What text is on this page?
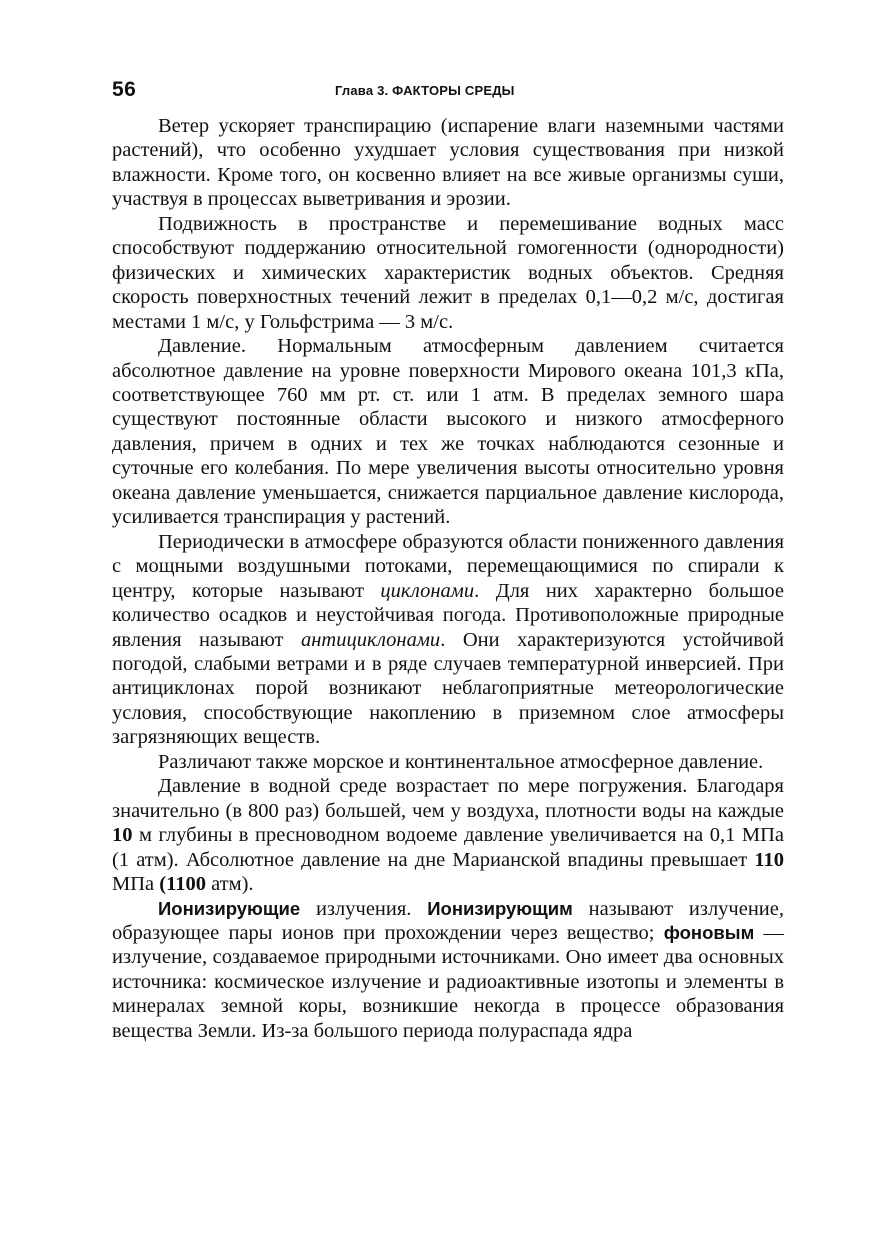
56	Глава 3. ФАКТОРЫ СРЕДЫ

Ветер ускоряет транспирацию (испарение влаги наземными частями растений), что особенно ухудшает условия существования при низкой влажности. Кроме того, он косвенно влияет на все живые организмы суши, участвуя в процессах выветривания и эрозии.

Подвижность в пространстве и перемешивание водных масс способствуют поддержанию относительной гомогенности (однородности) физических и химических характеристик водных объектов. Средняя скорость поверхностных течений лежит в пределах 0,1—0,2 м/с, достигая местами 1 м/с, у Гольфстрима — 3 м/с.

Давление. Нормальным атмосферным давлением считается абсолютное давление на уровне поверхности Мирового океана 101,3 кПа, соответствующее 760 мм рт. ст. или 1 атм. В пределах земного шара существуют постоянные области высокого и низкого атмосферного давления, причем в одних и тех же точках наблюдаются сезонные и суточные его колебания. По мере увеличения высоты относительно уровня океана давление уменьшается, снижается парциальное давление кислорода, усиливается транспирация у растений.

Периодически в атмосфере образуются области пониженного давления с мощными воздушными потоками, перемещающимися по спирали к центру, которые называют циклонами. Для них характерно большое количество осадков и неустойчивая погода. Противоположные природные явления называют антициклонами. Они характеризуются устойчивой погодой, слабыми ветрами и в ряде случаев температурной инверсией. При антициклонах порой возникают неблагоприятные метеорологические условия, способствующие накоплению в приземном слое атмосферы загрязняющих веществ.

Различают также морское и континентальное атмосферное давление.

Давление в водной среде возрастает по мере погружения. Благодаря значительно (в 800 раз) большей, чем у воздуха, плотности воды на каждые 10 м глубины в пресноводном водоеме давление увеличивается на 0,1 МПа (1 атм). Абсолютное давление на дне Марианской впадины превышает 110 МПа (1100 атм).

Ионизирующие излучения. Ионизирующим называют излучение, образующее пары ионов при прохождении через вещество; фоновым — излучение, создаваемое природными источниками. Оно имеет два основных источника: космическое излучение и радиоактивные изотопы и элементы в минералах земной коры, возникшие некогда в процессе образования вещества Земли. Из-за большого периода полураспада ядра
